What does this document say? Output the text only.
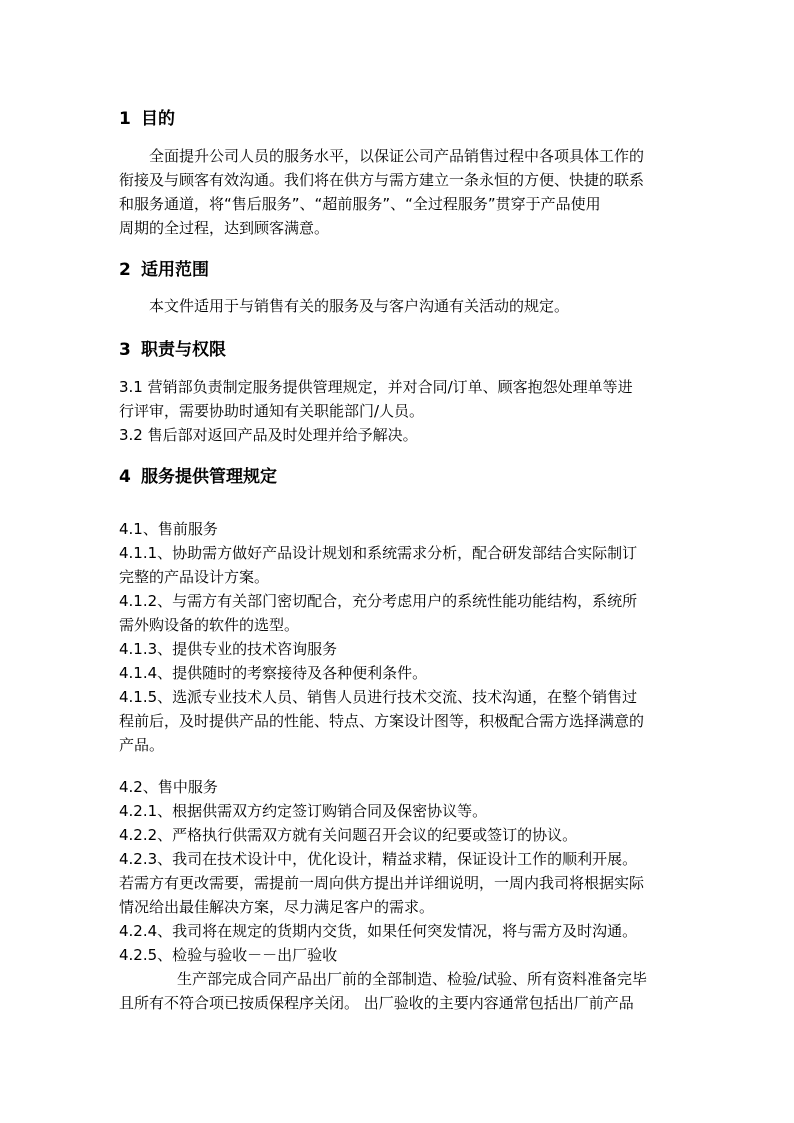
1 目的
全面提升公司人员的服务水平，以保证公司产品销售过程中各项具体工作的
衔接及与顾客有效沟通。我们将在供方与需方建立一条永恒的方便、快捷的联系
和服务通道，将“售后服务”、“超前服务”、“全过程服务”贯穿于产品使用
周期的全过程，达到顾客满意。
2 适用范围
本文件适用于与销售有关的服务及与客户沟通有关活动的规定。
3 职责与权限
3.1 营销部负责制定服务提供管理规定，并对合同/订单、顾客抱怨处理单等进
行评审，需要协助时通知有关职能部门/人员。
3.2 售后部对返回产品及时处理并给予解决。
4 服务提供管理规定
4.1、售前服务
4.1.1、协助需方做好产品设计规划和系统需求分析，配合研发部结合实际制订
完整的产品设计方案。
4.1.2、与需方有关部门密切配合，充分考虑用户的系统性能功能结构，系统所
需外购设备的软件的选型。
4.1.3、提供专业的技术咨询服务
4.1.4、提供随时的考察接待及各种便利条件。
4.1.5、选派专业技术人员、销售人员进行技术交流、技术沟通，在整个销售过
程前后，及时提供产品的性能、特点、方案设计图等，积极配合需方选择满意的
产品。
4.2、售中服务
4.2.1、根据供需双方约定签订购销合同及保密协议等。
4.2.2、严格执行供需双方就有关问题召开会议的纪要或签订的协议。
4.2.3、我司在技术设计中，优化设计，精益求精，保证设计工作的顺利开展。
若需方有更改需要，需提前一周向供方提出并详细说明，一周内我司将根据实际
情况给出最佳解决方案，尽力满足客户的需求。
4.2.4、我司将在规定的货期内交货，如果任何突发情况，将与需方及时沟通。
4.2.5、检验与验收－－出厂验收
生产部完成合同产品出厂前的全部制造、检验/试验、所有资料准备完毕
且所有不符合项已按质保程序关闭。 出厂验收的主要内容通常包括出厂前产品
